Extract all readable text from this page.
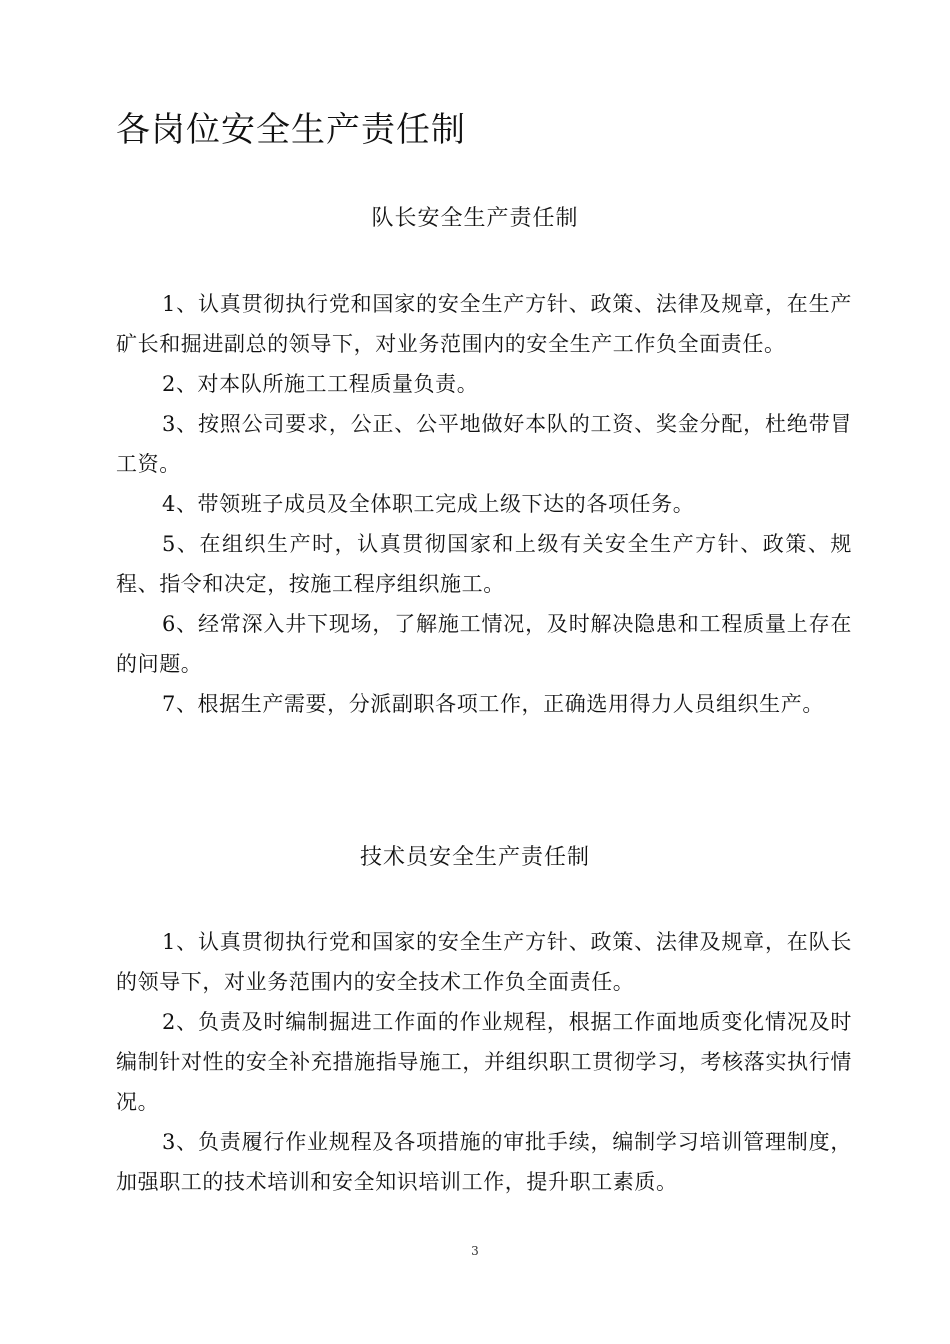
各岗位安全生产责任制
队长安全生产责任制

1、认真贯彻执行党和国家的安全生产方针、政策、法律及规章，在生产矿长和掘进副总的领导下，对业务范围内的安全生产工作负全面责任。

2、对本队所施工工程质量负责。

3、按照公司要求，公正、公平地做好本队的工资、奖金分配，杜绝带冒工资。

4、带领班子成员及全体职工完成上级下达的各项任务。

5、在组织生产时，认真贯彻国家和上级有关安全生产方针、政策、规程、指令和决定，按施工程序组织施工。

6、经常深入井下现场，了解施工情况，及时解决隐患和工程质量上存在的问题。

7、根据生产需要，分派副职各项工作，正确选用得力人员组织生产。

技术员安全生产责任制

1、认真贯彻执行党和国家的安全生产方针、政策、法律及规章，在队长的领导下，对业务范围内的安全技术工作负全面责任。

2、负责及时编制掘进工作面的作业规程，根据工作面地质变化情况及时编制针对性的安全补充措施指导施工，并组织职工贯彻学习，考核落实执行情况。

3、负责履行作业规程及各项措施的审批手续，编制学习培训管理制度，加强职工的技术培训和安全知识培训工作，提升职工素质。

3
